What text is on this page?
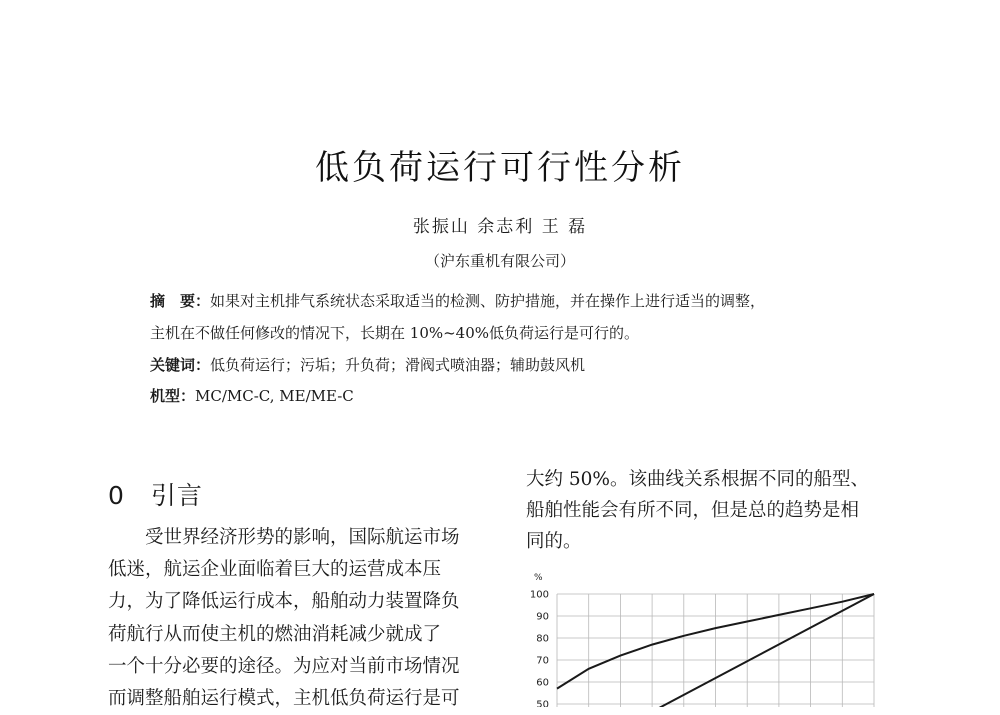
低负荷运行可行性分析
张振山 余志利 王 磊
（沪东重机有限公司）
摘　要：如果对主机排气系统状态采取适当的检测、防护措施，并在操作上进行适当的调整，
主机在不做任何修改的情况下，长期在 10%~40%低负荷运行是可行的。
关键词：低负荷运行；污垢；升负荷；滑阀式喷油器；辅助鼓风机
机型：MC/MC-C, ME/ME-C
0 引言

受世界经济形势的影响，国际航运市场

低迷，航运企业面临着巨大的运营成本压

力，为了降低运行成本，船舶动力装置降负

荷航行从而使主机的燃油消耗减少就成了

一个十分必要的途径。为应对当前市场情况

而调整船舶运行模式，主机低负荷运行是可

大约 50%。该曲线关系根据不同的船型、

船舶性能会有所不同，但是总的趋势是相

同的。

100
90
80
70
60
50
%
